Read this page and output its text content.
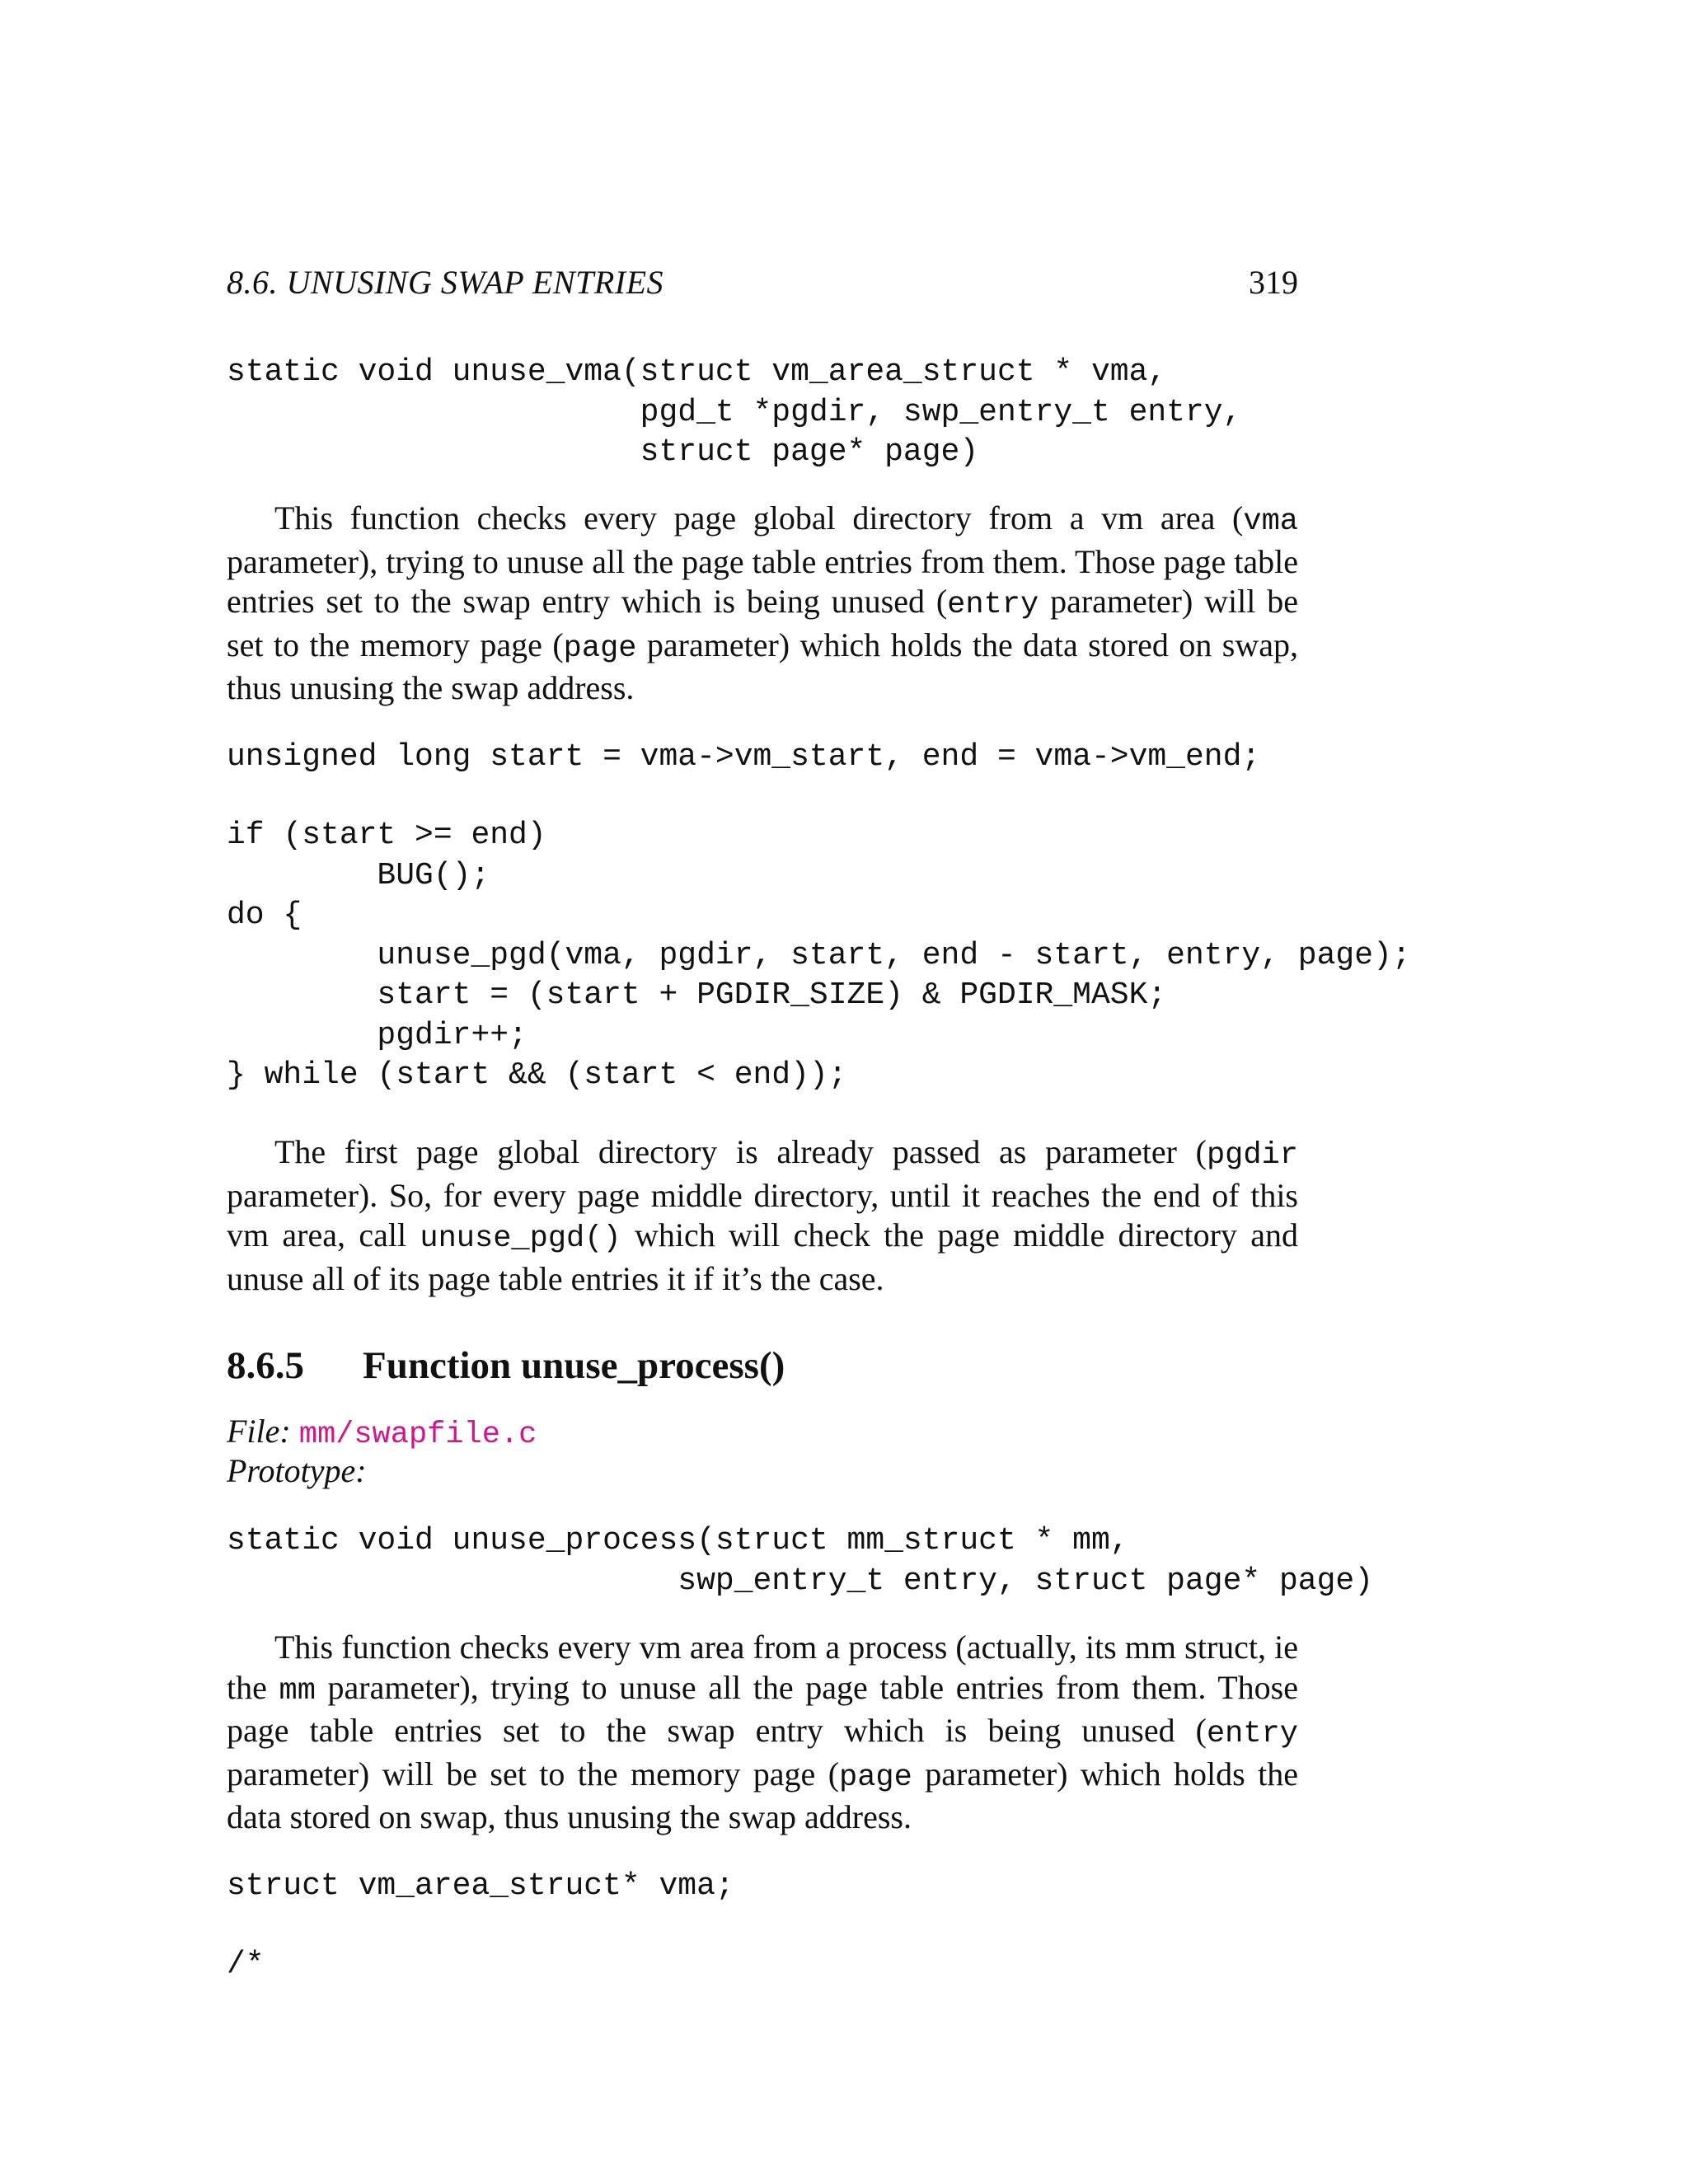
8.6. UNUSING SWAP ENTRIES	319
static void unuse_vma(struct vm_area_struct * vma,
pgd_t *pgdir, swp_entry_t entry,
struct page* page)

This function checks every page global directory from a vm area (vma parameter), trying to unuse all the page table entries from them. Those page table entries set to the swap entry which is being unused (entry parameter) will be set to the memory page (page parameter) which holds the data stored on swap, thus unusing the swap address.

unsigned long start = vma->vm_start, end = vma->vm_end;
if (start >= end)
BUG();
do {
unuse_pgd(vma, pgdir, start, end - start, entry, page);
start = (start + PGDIR_SIZE) & PGDIR_MASK;
pgdir++;
} while (start && (start < end));

The first page global directory is already passed as parameter (pgdir parameter). So, for every page middle directory, until it reaches the end of this vm area, call unuse_pgd() which will check the page middle directory and unuse all of its page table entries it if it’s the case.

8.6.5 Function unuse_process()
File: mm/swapfile.c
Prototype:
static void unuse_process(struct mm_struct * mm,
swp_entry_t entry, struct page* page)

This function checks every vm area from a process (actually, its mm struct, ie the mm parameter), trying to unuse all the page table entries from them. Those page table entries set to the swap entry which is being unused (entry parameter) will be set to the memory page (page parameter) which holds the data stored on swap, thus unusing the swap address.

struct vm_area_struct* vma;
/*
